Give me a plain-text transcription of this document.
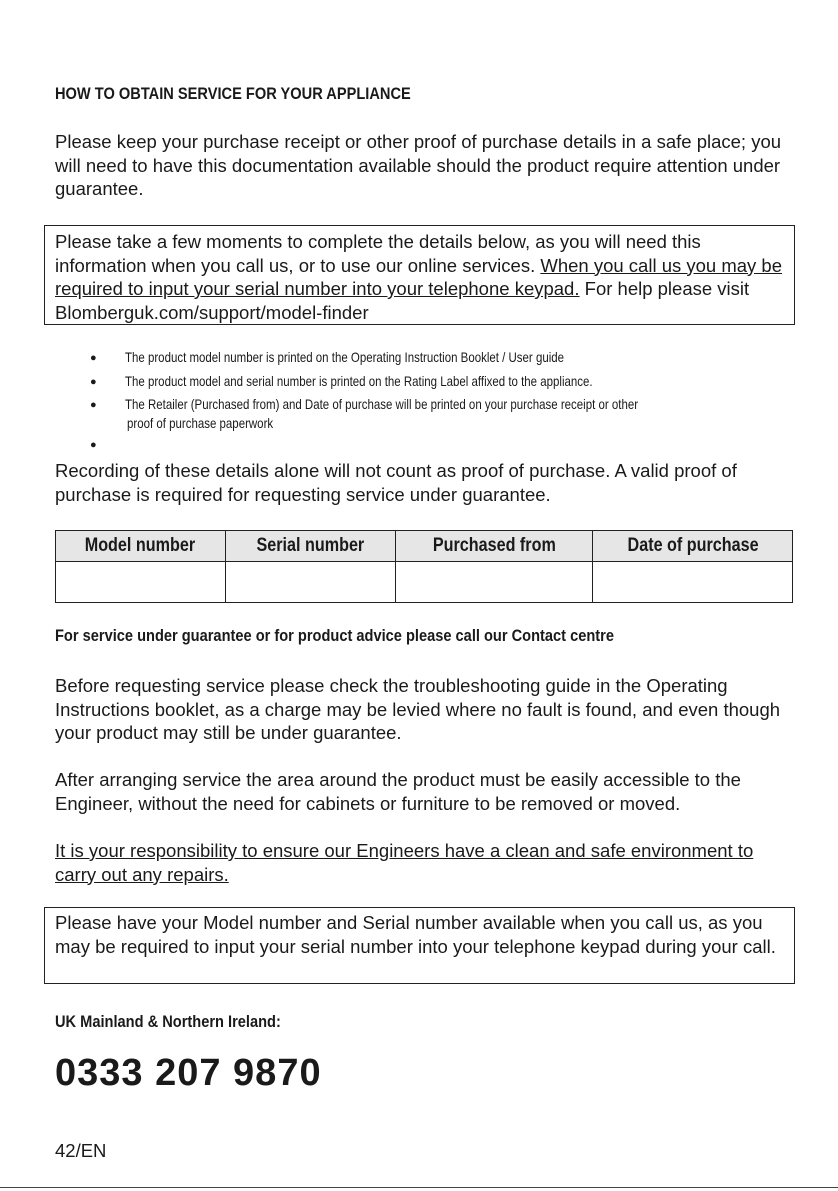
HOW TO OBTAIN SERVICE FOR YOUR APPLIANCE
Please keep your purchase receipt or other proof of purchase details in a safe place; you will need to have this documentation available should the product require attention under guarantee.
Please take a few moments to complete the details below, as you will need this information when you call us, or to use our online services. When you call us you may be required to input your serial number into your telephone keypad. For help please visit Blomberguk.com/support/model-finder
● The product model number is printed on the Operating Instruction Booklet / User guide
● The product model and serial number is printed on the Rating Label affixed to the appliance.
● The Retailer (Purchased from) and Date of purchase will be printed on your purchase receipt or other
proof of purchase paperwork
●
Recording of these details alone will not count as proof of purchase. A valid proof of purchase is required for requesting service under guarantee.
Model number	Serial number	Purchased from	Date of purchase

For service under guarantee or for product advice please call our Contact centre
Before requesting service please check the troubleshooting guide in the Operating Instructions booklet, as a charge may be levied where no fault is found, and even though your product may still be under guarantee.
After arranging service the area around the product must be easily accessible to the Engineer, without the need for cabinets or furniture to be removed or moved.
It is your responsibility to ensure our Engineers have a clean and safe environment to carry out any repairs.
Please have your Model number and Serial number available when you call us, as you may be required to input your serial number into your telephone keypad during your call.
UK Mainland & Northern Ireland:
0333 207 9870
42/EN
